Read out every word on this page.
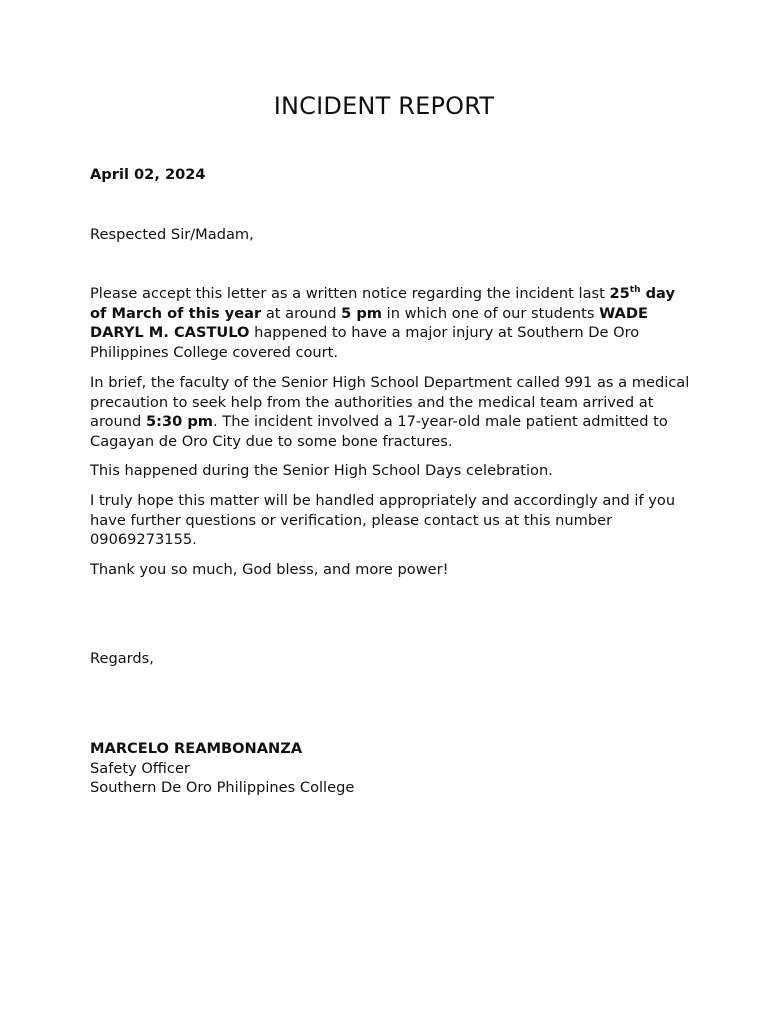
INCIDENT REPORT

April 02, 2024

Respected Sir/Madam,

Please accept this letter as a written notice regarding the incident last 25th day of March of this year at around 5 pm in which one of our students WADE DARYL M. CASTULO happened to have a major injury at Southern De Oro Philippines College covered court.

In brief, the faculty of the Senior High School Department called 991 as a medical precaution to seek help from the authorities and the medical team arrived at around 5:30 pm. The incident involved a 17-year-old male patient admitted to Cagayan de Oro City due to some bone fractures.

This happened during the Senior High School Days celebration.

I truly hope this matter will be handled appropriately and accordingly and if you have further questions or verification, please contact us at this number 09069273155.

Thank you so much, God bless, and more power!

Regards,

MARCELO REAMBONANZA
Safety Officer
Southern De Oro Philippines College
